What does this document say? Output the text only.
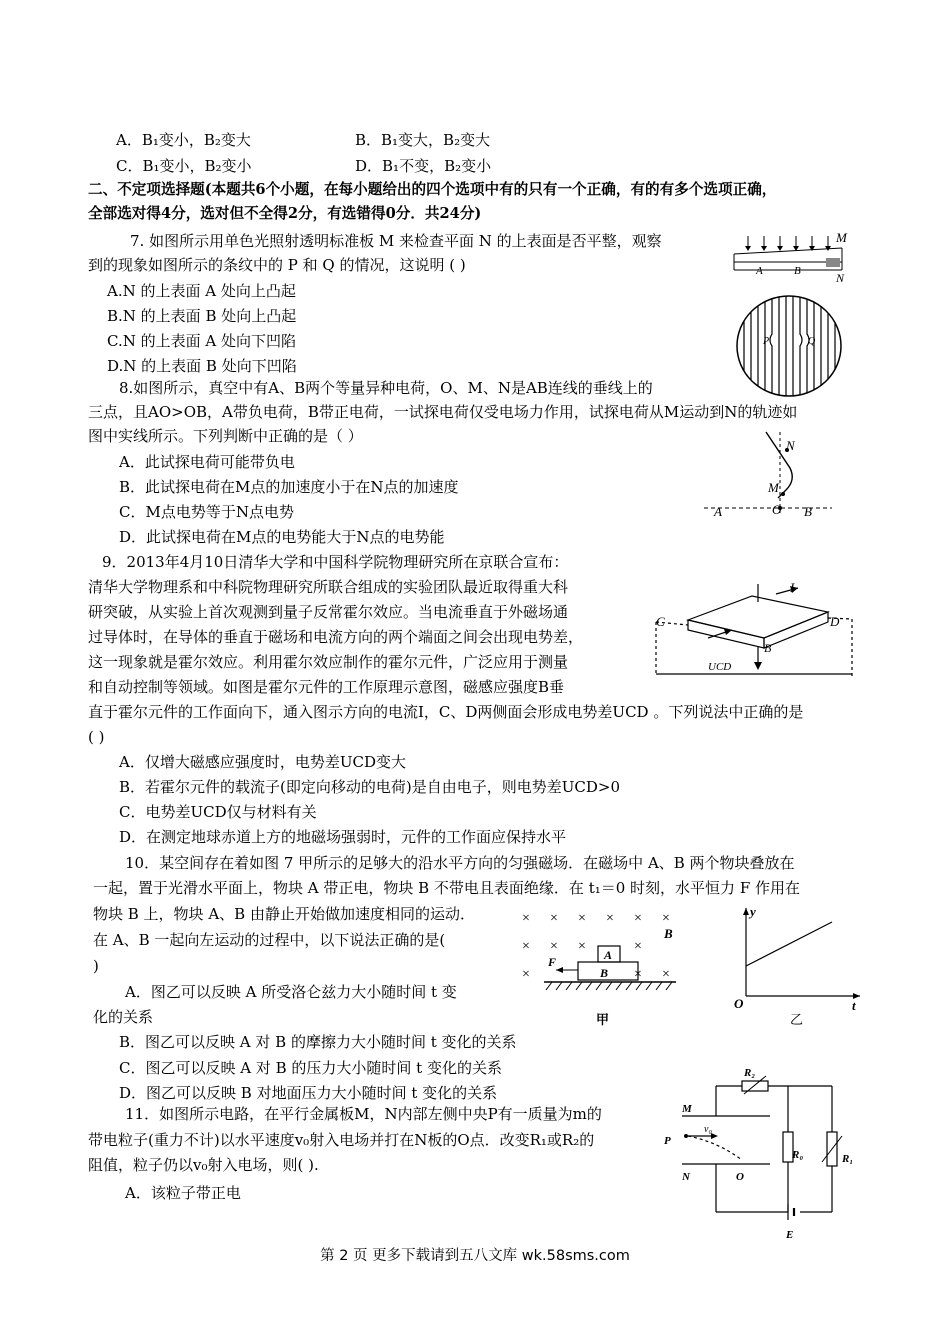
A．B₁变小，B₂变大	B．B₁变大，B₂变大
C．B₁变小，B₂变小	D．B₁不变，B₂变小
二、不定项选择题(本题共6个小题，在每小题给出的四个选项中有的只有一个正确，有的有多个选项正确，
全部选对得4分，选对但不全得2分，有选错得0分．共24分)
7. 如图所示用单色光照射透明标准板 M 来检查平面 N 的上表面是否平整，观察
到的现象如图所示的条纹中的 P 和 Q 的情况，这说明 ( )
A.N 的上表面 A 处向上凸起
B.N 的上表面 B 处向上凸起
C.N 的上表面 A 处向下凹陷
D.N 的上表面 B 处向下凹陷
M
N
A	B
P	Q
8.如图所示，真空中有A、B两个等量异种电荷，O、M、N是AB连线的垂线上的
三点，且AO>OB，A带负电荷，B带正电荷，一试探电荷仅受电场力作用，试探电荷从M运动到N的轨迹如
图中实线所示。下列判断中正确的是（ ）
A．此试探电荷可能带负电
B．此试探电荷在M点的加速度小于在N点的加速度
C．M点电势等于N点电势
D．此试探电荷在M点的电势能大于N点的电势能
N
M
A	O B
9．2013年4月10日清华大学和中国科学院物理研究所在京联合宣布：
清华大学物理系和中科院物理研究所联合组成的实验团队最近取得重大科
研突破，从实验上首次观测到量子反常霍尔效应。当电流垂直于外磁场通
过导体时，在导体的垂直于磁场和电流方向的两个端面之间会出现电势差，
这一现象就是霍尔效应。利用霍尔效应制作的霍尔元件，广泛应用于测量
和自动控制等领域。如图是霍尔元件的工作原理示意图，磁感应强度B垂
直于霍尔元件的工作面向下，通入图示方向的电流I，C、D两侧面会形成电势差UCD 。下列说法中正确的是
( )
A．仅增大磁感应强度时，电势差UCD变大
B．若霍尔元件的载流子(即定向移动的电荷)是自由电子，则电势差UCD>0
C．电势差UCD仅与材料有关
D．在测定地球赤道上方的地磁场强弱时，元件的工作面应保持水平
I
C	D
B
UCD
10．某空间存在着如图 7 甲所示的足够大的沿水平方向的匀强磁场．在磁场中 A、B 两个物块叠放在
一起，置于光滑水平面上，物块 A 带正电，物块 B 不带电且表面绝缘．在 t₁＝0 时刻，水平恒力 F 作用在
物块 B 上，物块 A、B 由静止开始做加速度相同的运动．
在 A、B 一起向左运动的过程中，以下说法正确的是(
)
A．图乙可以反映 A 所受洛仑兹力大小随时间 t 变
化的关系
B．图乙可以反映 A 对 B 的摩擦力大小随时间 t 变化的关系
C．图乙可以反映 A 对 B 的压力大小随时间 t 变化的关系
D．图乙可以反映 B 对地面压力大小随时间 t 变化的关系
× × × × × ×
× × ×	×
×	×
×
B
A
B
F
甲
y
O	t
乙
11．如图所示电路，在平行金属板M，N内部左侧中央P有一质量为m的
带电粒子(重力不计)以水平速度v₀射入电场并打在N板的O点．改变R₁或R₂的
阻值，粒子仍以v₀射入电场，则( ).
A．该粒子带正电
R₂
M
P
v₀
N	O
R₀	R₁
E
第 2 页 更多下载请到五八文库 wk.58sms.com
